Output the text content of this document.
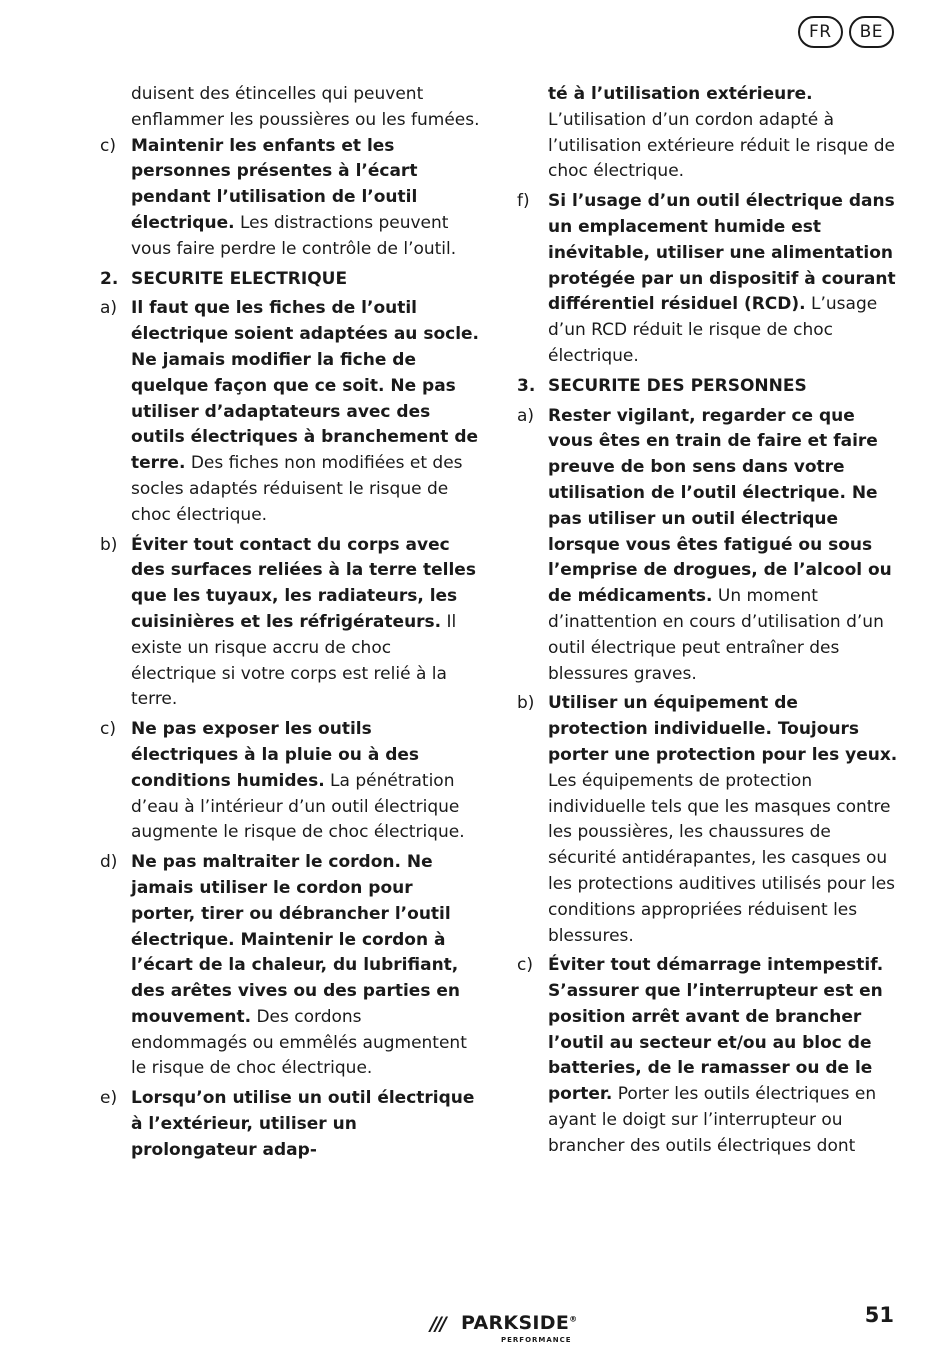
FR	BE
duisent des étincelles qui peuvent enflammer les poussières ou les fumées.
c) Maintenir les enfants et les personnes présentes à l’écart pendant l’utilisation de l’outil électrique. Les distractions peuvent vous faire perdre le contrôle de l’outil.
2. SECURITE ELECTRIQUE
a) Il faut que les fiches de l’outil électrique soient adaptées au socle. Ne jamais modifier la fiche de quelque façon que ce soit. Ne pas utiliser d’adaptateurs avec des outils électriques à branchement de terre. Des fiches non modifiées et des socles adaptés réduisent le risque de choc électrique.
b) Éviter tout contact du corps avec des surfaces reliées à la terre telles que les tuyaux, les radiateurs, les cuisinières et les réfrigérateurs. Il existe un risque accru de choc électrique si votre corps est relié à la terre.
c) Ne pas exposer les outils électriques à la pluie ou à des conditions humides. La pénétration d’eau à l’intérieur d’un outil électrique augmente le risque de choc électrique.
d) Ne pas maltraiter le cordon. Ne jamais utiliser le cordon pour porter, tirer ou débrancher l’outil électrique. Maintenir le cordon à l’écart de la chaleur, du lubrifiant, des arêtes vives ou des parties en mouvement. Des cordons endommagés ou emmêlés augmentent le risque de choc électrique.
e) Lorsqu’on utilise un outil électrique à l’extérieur, utiliser un prolongateur adap-
té à l’utilisation extérieure. L’utilisation d’un cordon adapté à l’utilisation extérieure réduit le risque de choc électrique.
f)	Si l’usage d’un outil électrique dans un emplacement humide est inévitable, utiliser une alimentation protégée par un dispositif à courant différentiel résiduel (RCD). L’usage d’un RCD réduit le risque de choc électrique.
3. SECURITE DES PERSONNES
a) Rester vigilant, regarder ce que vous êtes en train de faire et faire preuve de bon sens dans votre utilisation de l’outil électrique. Ne pas utiliser un outil électrique lorsque vous êtes fatigué ou sous l’emprise de drogues, de l’alcool ou de médicaments. Un moment d’inattention en cours d’utilisation d’un outil électrique peut entraîner des blessures graves.
b) Utiliser un équipement de protection individuelle. Toujours porter une protection pour les yeux. Les équipements de protection individuelle tels que les masques contre les poussières, les chaussures de sécurité antidérapantes, les casques ou les protections auditives utilisés pour les conditions appropriées réduisent les blessures.
c) Éviter tout démarrage intempestif. S’assurer que l’interrupteur est en position arrêt avant de brancher l’outil au secteur et/ou au bloc de batteries, de le ramasser ou de le porter. Porter les outils électriques en ayant le doigt sur l’interrupteur ou brancher des outils électriques dont
/// PARKSIDE®
PERFORMANCE
51
